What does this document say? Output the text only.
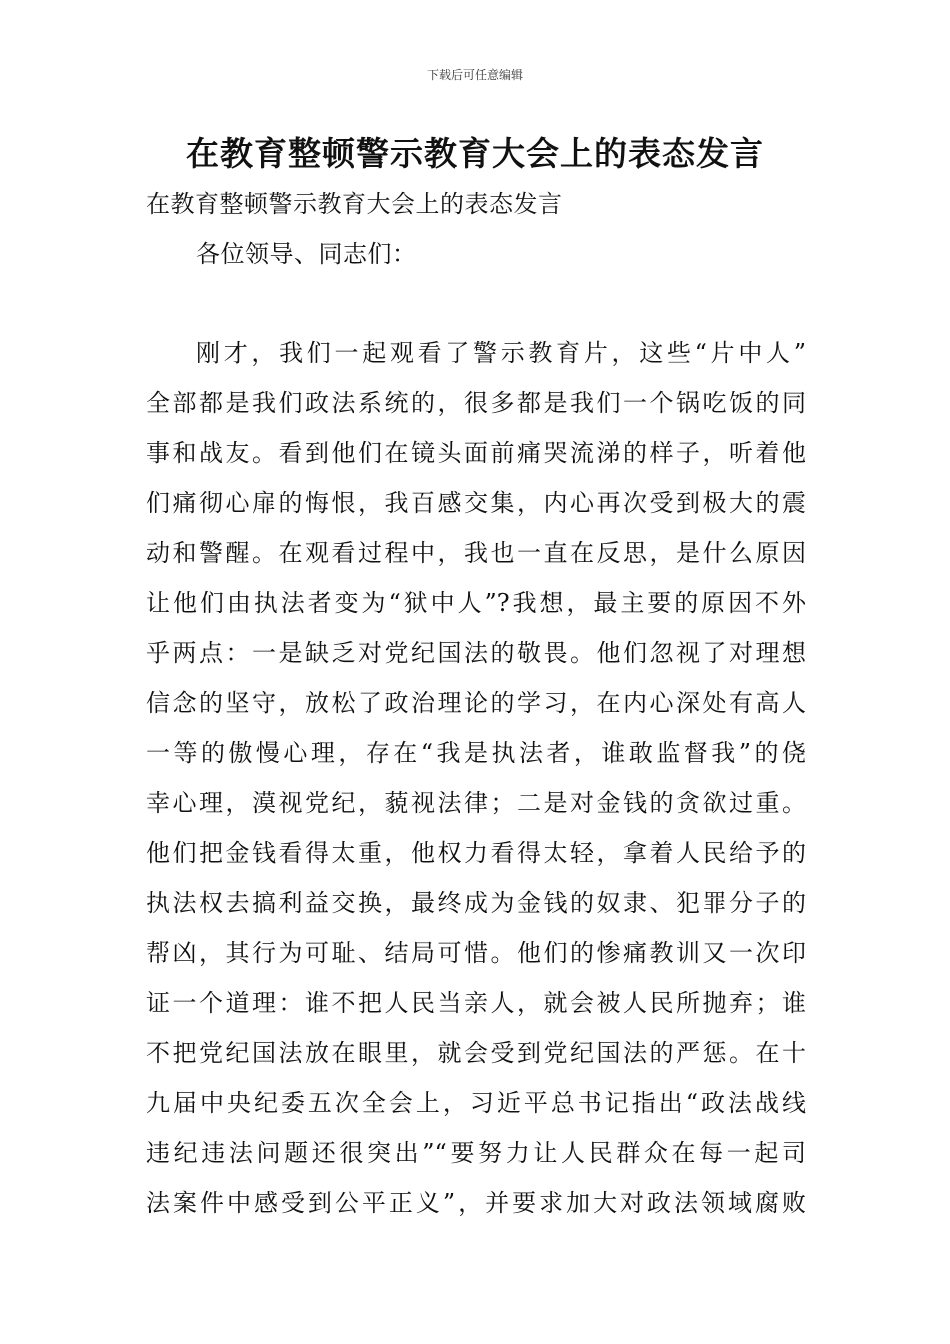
下载后可任意编辑
在教育整顿警示教育大会上的表态发言
在教育整顿警示教育大会上的表态发言
各位领导、同志们：
刚才，我们一起观看了警示教育片，这些“片中人”
全部都是我们政法系统的，很多都是我们一个锅吃饭的同
事和战友。看到他们在镜头面前痛哭流涕的样子，听着他
们痛彻心扉的悔恨，我百感交集，内心再次受到极大的震
动和警醒。在观看过程中，我也一直在反思，是什么原因
让他们由执法者变为“狱中人”?我想，最主要的原因不外
乎两点：一是缺乏对党纪国法的敬畏。他们忽视了对理想
信念的坚守，放松了政治理论的学习，在内心深处有高人
一等的傲慢心理，存在“我是执法者，谁敢监督我”的侥
幸心理，漠视党纪，藐视法律；二是对金钱的贪欲过重。
他们把金钱看得太重，他权力看得太轻，拿着人民给予的
执法权去搞利益交换，最终成为金钱的奴隶、犯罪分子的
帮凶，其行为可耻、结局可惜。他们的惨痛教训又一次印
证一个道理：谁不把人民当亲人，就会被人民所抛弃；谁
不把党纪国法放在眼里，就会受到党纪国法的严惩。在十
九届中央纪委五次全会上，习近平总书记指出“政法战线
违纪违法问题还很突出”“要努力让人民群众在每一起司
法案件中感受到公平正义”，并要求加大对政法领域腐败
